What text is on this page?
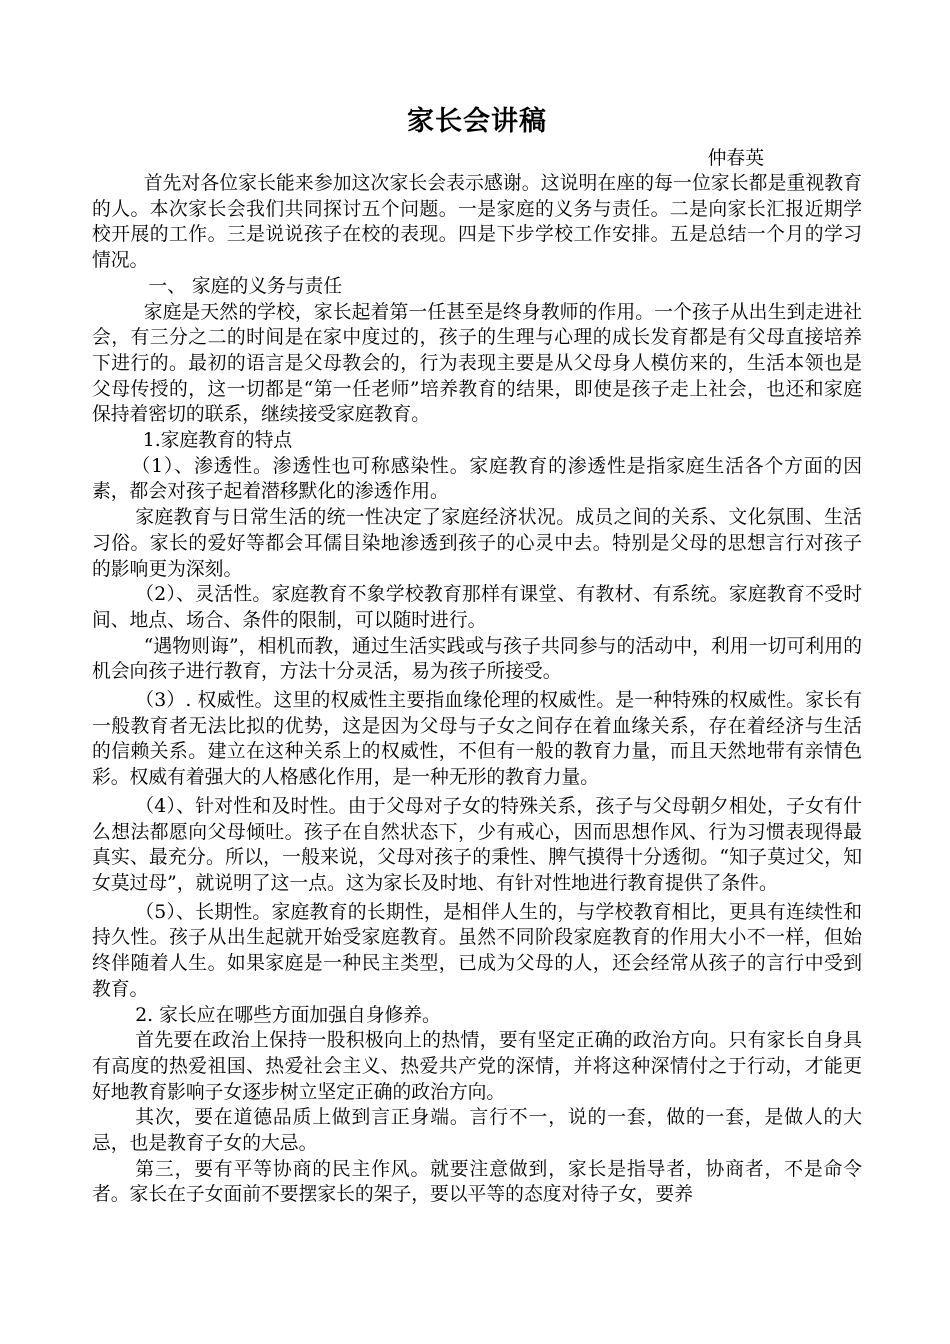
家长会讲稿
仲春英

首先对各位家长能来参加这次家长会表示感谢。这说明在座的每一位家长都是重视教育的人。本次家长会我们共同探讨五个问题。一是家庭的义务与责任。二是向家长汇报近期学校开展的工作。三是说说孩子在校的表现。四是下步学校工作安排。五是总结一个月的学习情况。

一、 家庭的义务与责任

家庭是天然的学校，家长起着第一任甚至是终身教师的作用。一个孩子从出生到走进社会，有三分之二的时间是在家中度过的，孩子的生理与心理的成长发育都是有父母直接培养下进行的。最初的语言是父母教会的，行为表现主要是从父母身人模仿来的，生活本领也是父母传授的，这一切都是“第一任老师”培养教育的结果，即使是孩子走上社会，也还和家庭保持着密切的联系，继续接受家庭教育。

1.家庭教育的特点

（1）、渗透性。渗透性也可称感染性。家庭教育的渗透性是指家庭生活各个方面的因素，都会对孩子起着潜移默化的渗透作用。

家庭教育与日常生活的统一性决定了家庭经济状况。成员之间的关系、文化氛围、生活习俗。家长的爱好等都会耳儒目染地渗透到孩子的心灵中去。特别是父母的思想言行对孩子的影响更为深刻。

（2）、灵活性。家庭教育不象学校教育那样有课堂、有教材、有系统。家庭教育不受时间、地点、场合、条件的限制，可以随时进行。

“遇物则诲”，相机而教，通过生活实践或与孩子共同参与的活动中，利用一切可利用的机会向孩子进行教育，方法十分灵活，易为孩子所接受。

（3）. 权威性。这里的权威性主要指血缘伦理的权威性。是一种特殊的权威性。家长有一般教育者无法比拟的优势，这是因为父母与子女之间存在着血缘关系，存在着经济与生活的信赖关系。建立在这种关系上的权威性，不但有一般的教育力量，而且天然地带有亲情色彩。权威有着强大的人格感化作用，是一种无形的教育力量。

（4）、针对性和及时性。由于父母对子女的特殊关系，孩子与父母朝夕相处，子女有什么想法都愿向父母倾吐。孩子在自然状态下，少有戒心，因而思想作风、行为习惯表现得最真实、最充分。所以，一般来说，父母对孩子的秉性、脾气摸得十分透彻。“知子莫过父，知女莫过母”，就说明了这一点。这为家长及时地、有针对性地进行教育提供了条件。

（5）、长期性。家庭教育的长期性，是相伴人生的，与学校教育相比，更具有连续性和持久性。孩子从出生起就开始受家庭教育。虽然不同阶段家庭教育的作用大小不一样，但始终伴随着人生。如果家庭是一种民主类型，已成为父母的人，还会经常从孩子的言行中受到教育。

2. 家长应在哪些方面加强自身修养。

首先要在政治上保持一股积极向上的热情，要有坚定正确的政治方向。只有家长自身具有高度的热爱祖国、热爱社会主义、热爱共产党的深情，并将这种深情付之于行动，才能更好地教育影响子女逐步树立坚定正确的政治方向。

其次，要在道德品质上做到言正身端。言行不一，说的一套，做的一套，是做人的大忌，也是教育子女的大忌。

第三，要有平等协商的民主作风。就要注意做到，家长是指导者，协商者，不是命令者。家长在子女面前不要摆家长的架子，要以平等的态度对待子女，要养
